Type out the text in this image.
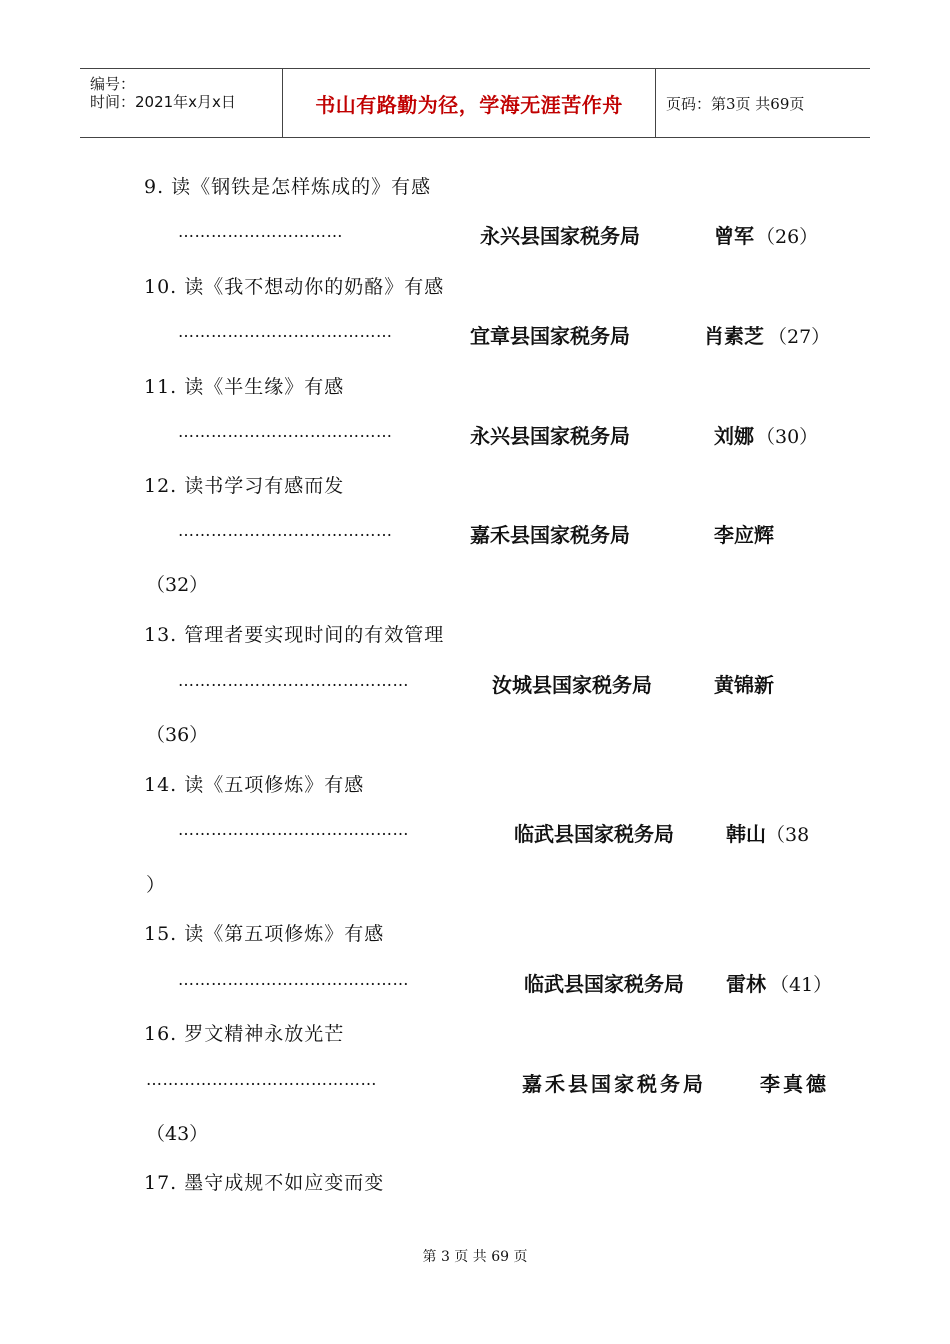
编号：
时间：2021年x月x日	书山有路勤为径，学海无涯苦作舟	页码：第3页 共69页
9. 读《钢铁是怎样炼成的》有感
…………………………	永兴县国家税务局	曾军 （26）
10. 读《我不想动你的奶酪》有感
…………………………………	宜章县国家税务局	肖素芝 （27）
11. 读《半生缘》有感
…………………………………	永兴县国家税务局	刘娜 （30）
12. 读书学习有感而发
…………………………………	嘉禾县国家税务局	李应辉
（32）
13. 管理者要实现时间的有效管理
……………………………………	汝城县国家税务局	黄锦新
（36）
14. 读《五项修炼》有感
……………………………………	临武县国家税务局	韩山 （38
）
15. 读《第五项修炼》有感
……………………………………	临武县国家税务局 雷林 （41）
16. 罗文精神永放光芒
……………………………………	嘉禾县国家税务局	李真德
（43）
17. 墨守成规不如应变而变
第 3 页 共 69 页
